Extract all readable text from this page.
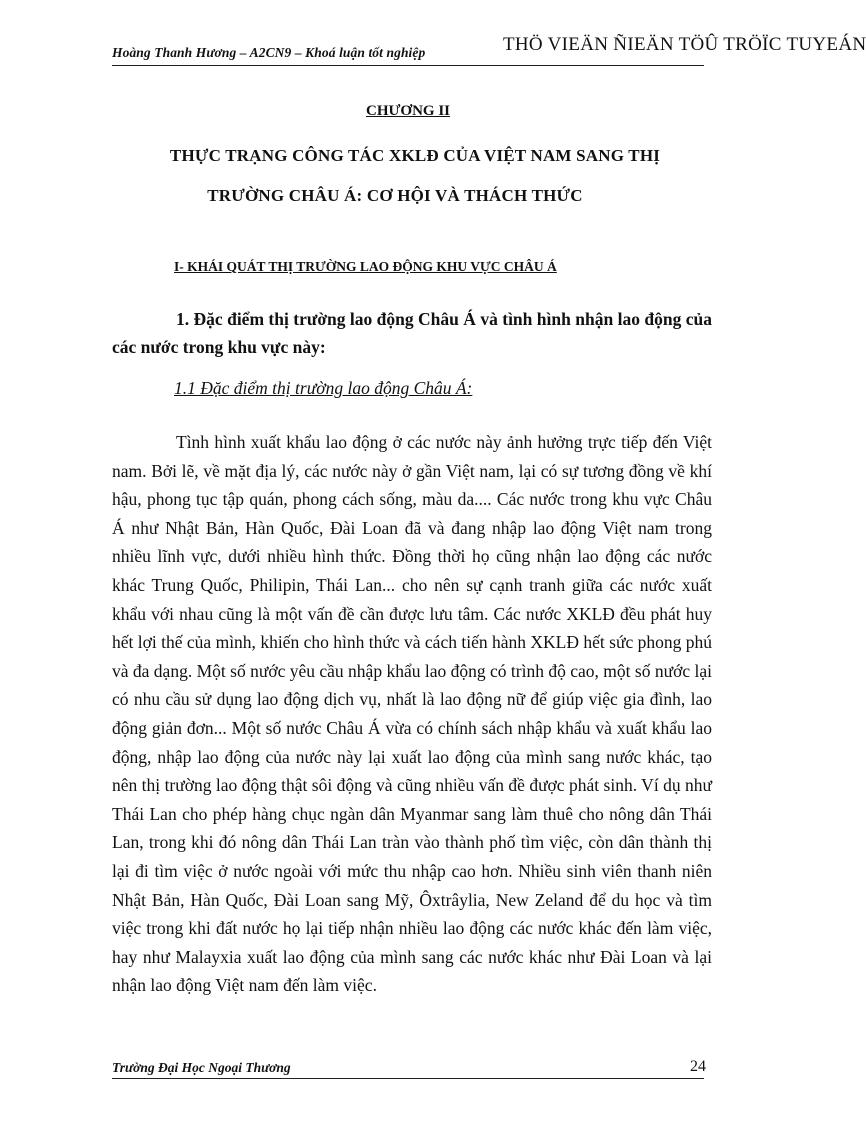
Hoàng Thanh Hương – A2CN9 – Khoá luận tốt nghiệp	THÖ VIEÄN ÑIEÄN TÖÛ TRÖÏC TUYEÁN
CHƯƠNG II
THỰC TRẠNG CÔNG TÁC XKLĐ CỦA VIỆT NAM SANG THỊ
TRƯỜNG CHÂU Á: CƠ HỘI VÀ THÁCH THỨC
I- KHÁI QUÁT THỊ TRƯỜNG LAO ĐỘNG KHU VỰC CHÂU Á
1. Đặc điểm thị trường lao động Châu Á và tình hình nhận lao động của các nước trong khu vực này:
1.1 Đặc điểm thị trường lao động Châu Á:

Tình hình xuất khẩu lao động ở các nước này ảnh hưởng trực tiếp đến Việt nam. Bởi lẽ, về mặt địa lý, các nước này ở gần Việt nam, lại có sự tương đồng về khí hậu, phong tục tập quán, phong cách sống, màu da.... Các nước trong khu vực Châu Á như Nhật Bản, Hàn Quốc, Đài Loan đã và đang nhập lao động Việt nam trong nhiều lĩnh vực, dưới nhiều hình thức. Đồng thời họ cũng nhận lao động các nước khác Trung Quốc, Philipin, Thái Lan... cho nên sự cạnh tranh giữa các nước xuất khẩu với nhau cũng là một vấn đề cần được lưu tâm. Các nước XKLĐ đều phát huy hết lợi thế của mình, khiến cho hình thức và cách tiến hành XKLĐ hết sức phong phú và đa dạng. Một số nước yêu cầu nhập khẩu lao động có trình độ cao, một số nước lại có nhu cầu sử dụng lao động dịch vụ, nhất là lao động nữ để giúp việc gia đình, lao động giản đơn... Một số nước Châu Á vừa có chính sách nhập khẩu và xuất khẩu lao động, nhập lao động của nước này lại xuất lao động của mình sang nước khác, tạo nên thị trường lao động thật sôi động và cũng nhiều vấn đề được phát sinh. Ví dụ như Thái Lan cho phép hàng chục ngàn dân Myanmar sang làm thuê cho nông dân Thái Lan, trong khi đó nông dân Thái Lan tràn vào thành phố tìm việc, còn dân thành thị lại đi tìm việc ở nước ngoài với mức thu nhập cao hơn. Nhiều sinh viên thanh niên Nhật Bản, Hàn Quốc, Đài Loan sang Mỹ, Ôxtrâylia, New Zeland để du học và tìm việc trong khi đất nước họ lại tiếp nhận nhiều lao động các nước khác đến làm việc, hay như Malayxia xuất lao động của mình sang các nước khác như Đài Loan và lại nhận lao động Việt nam đến làm việc.

Trường Đại Học Ngoại Thương	24
